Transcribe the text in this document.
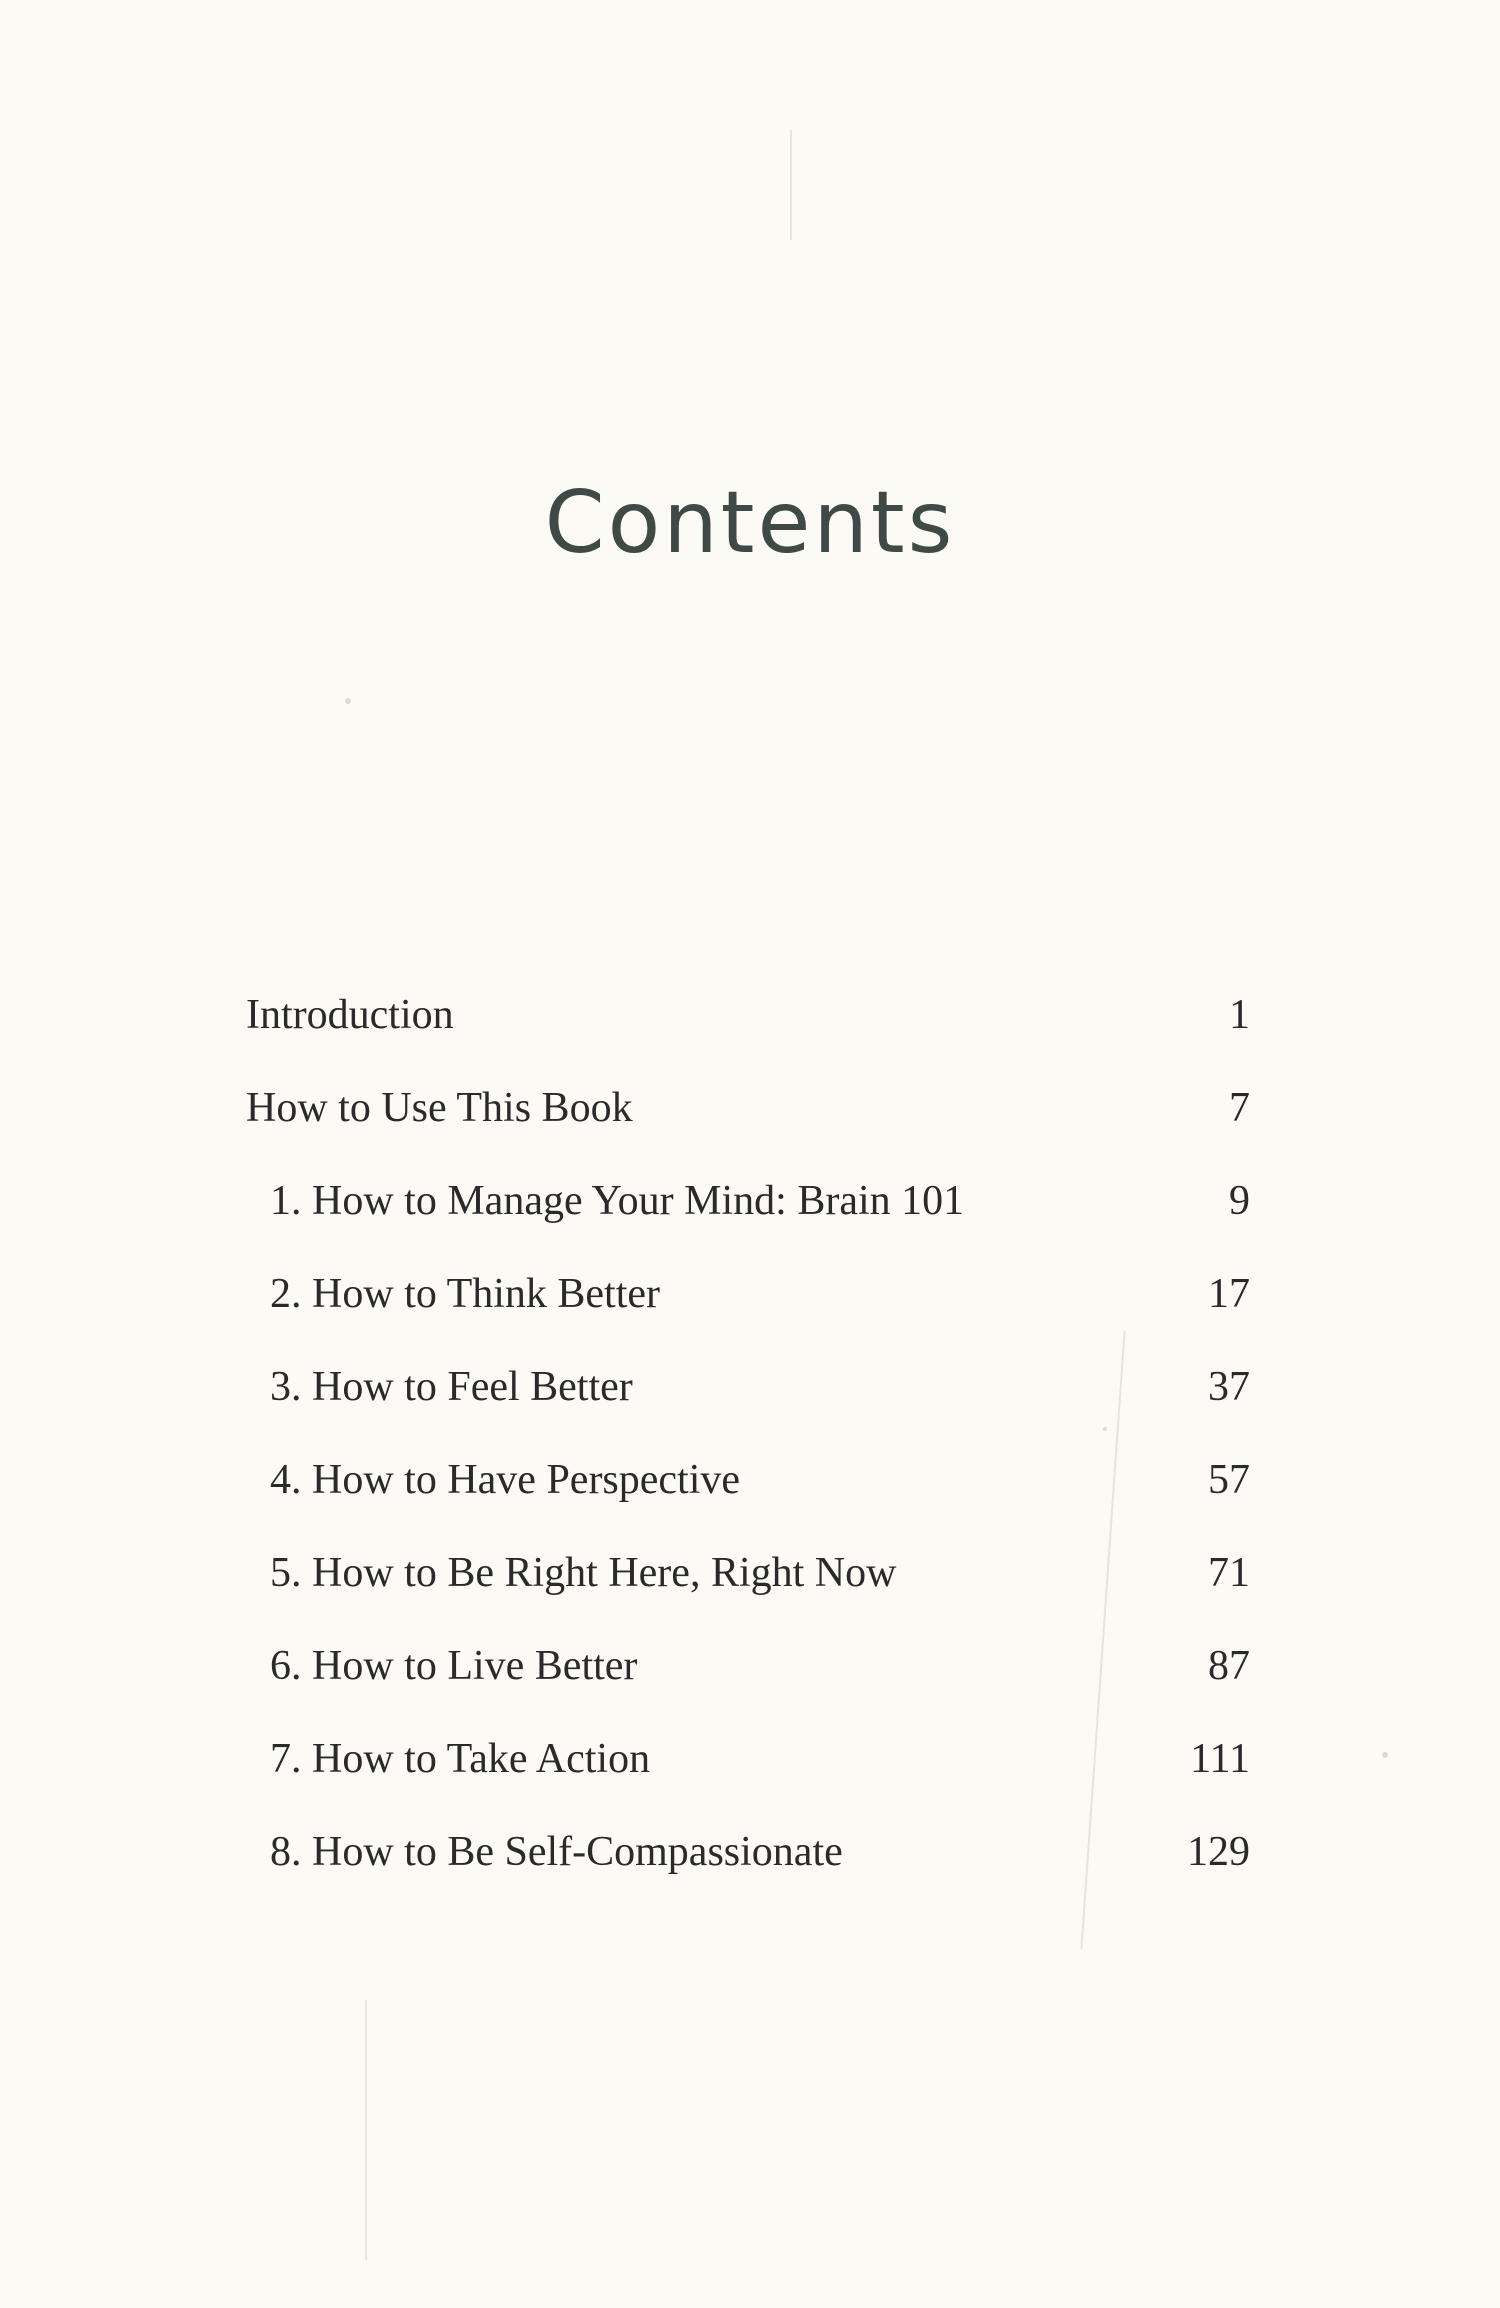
Contents
Introduction	1
How to Use This Book	7
1. How to Manage Your Mind: Brain 101	9
2. How to Think Better	17
3. How to Feel Better	37
4. How to Have Perspective	57
5. How to Be Right Here, Right Now	71
6. How to Live Better	87
7. How to Take Action	111
8. How to Be Self-Compassionate	129
